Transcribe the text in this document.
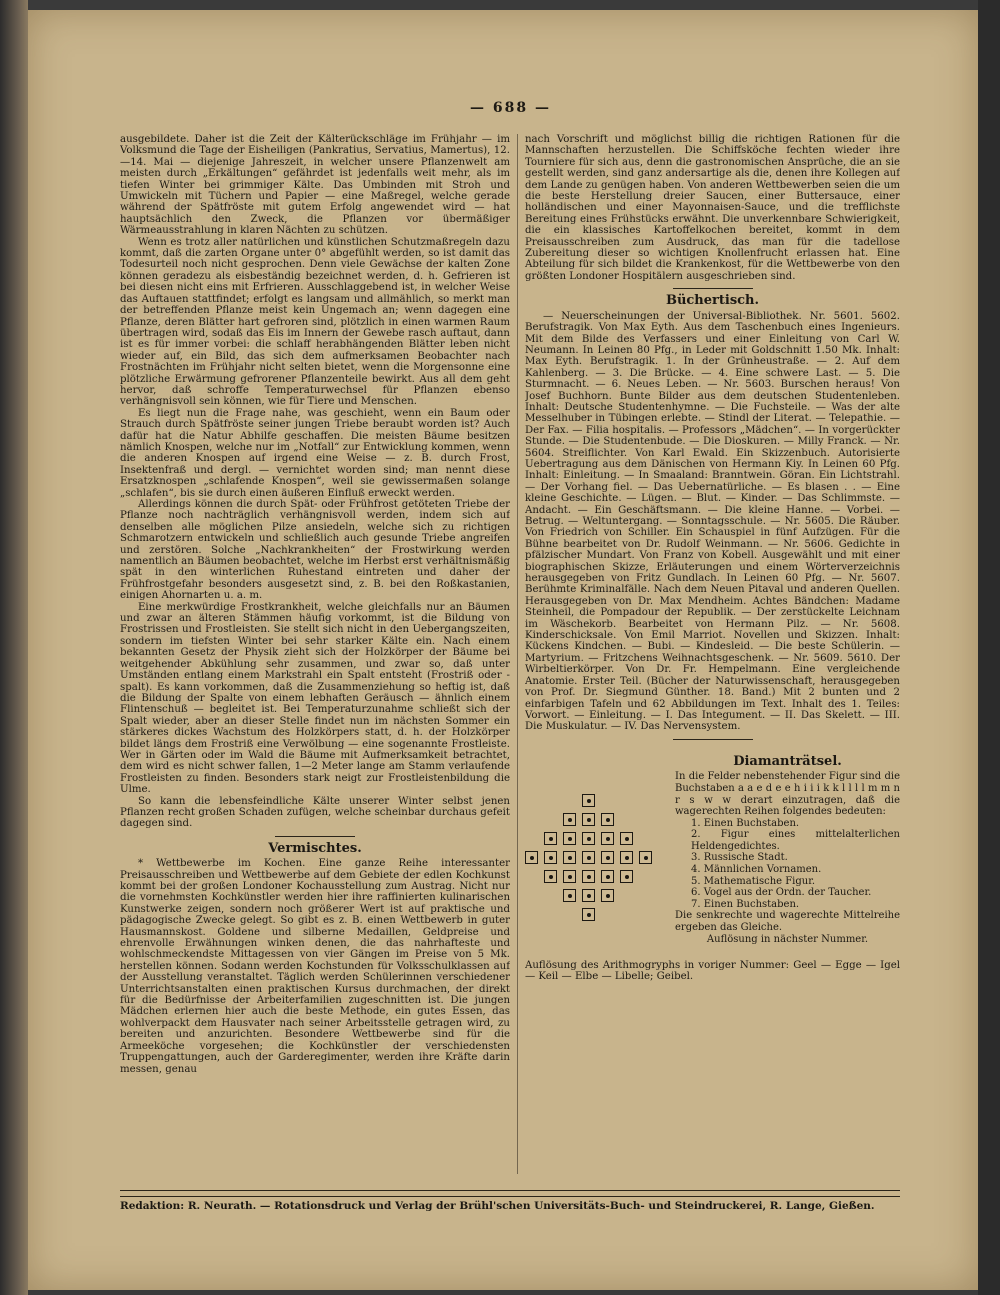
— 688 —

ausgebildete. Daher ist die Zeit der Kälterückschläge im Frühjahr — im Volksmund die Tage der Eisheiligen (Pankratius, Servatius, Mamertus), 12.—14. Mai — diejenige Jahreszeit, in welcher unsere Pflanzenwelt am meisten durch „Erkältungen“ gefährdet ist jedenfalls weit mehr, als im tiefen Winter bei grimmiger Kälte. Das Umbinden mit Stroh und Umwickeln mit Tüchern und Papier — eine Maßregel, welche gerade während der Spätfröste mit gutem Erfolg angewendet wird — hat hauptsächlich den Zweck, die Pflanzen vor übermäßiger Wärmeausstrahlung in klaren Nächten zu schützen.

Wenn es trotz aller natürlichen und künstlichen Schutzmaßregeln dazu kommt, daß die zarten Organe unter 0° abgefühlt werden, so ist damit das Todesurteil noch nicht gesprochen. Denn viele Gewächse der kalten Zone können geradezu als eisbeständig bezeichnet werden, d. h. Gefrieren ist bei diesen nicht eins mit Erfrieren. Ausschlaggebend ist, in welcher Weise das Auftauen stattfindet; erfolgt es langsam und allmählich, so merkt man der betreffenden Pflanze meist kein Ungemach an; wenn dagegen eine Pflanze, deren Blätter hart gefroren sind, plötzlich in einen warmen Raum übertragen wird, sodaß das Eis im Innern der Gewebe rasch auftaut, dann ist es für immer vorbei: die schlaff herabhängenden Blätter leben nicht wieder auf, ein Bild, das sich dem aufmerksamen Beobachter nach Frostnächten im Frühjahr nicht selten bietet, wenn die Morgensonne eine plötzliche Erwärmung gefrorener Pflanzenteile bewirkt. Aus all dem geht hervor, daß schroffe Temperaturwechsel für Pflanzen ebenso verhängnisvoll sein können, wie für Tiere und Menschen.

Es liegt nun die Frage nahe, was geschieht, wenn ein Baum oder Strauch durch Spätfröste seiner jungen Triebe beraubt worden ist? Auch dafür hat die Natur Abhilfe geschaffen. Die meisten Bäume besitzen nämlich Knospen, welche nur im „Notfall“ zur Entwicklung kommen, wenn die anderen Knospen auf irgend eine Weise — z. B. durch Frost, Insektenfraß und dergl. — vernichtet worden sind; man nennt diese Ersatzknospen „schlafende Knospen“, weil sie gewissermaßen solange „schlafen“, bis sie durch einen äußeren Einfluß erweckt werden.

Allerdings können die durch Spät- oder Frühfrost getöteten Triebe der Pflanze noch nachträglich verhängnisvoll werden, indem sich auf denselben alle möglichen Pilze ansiedeln, welche sich zu richtigen Schmarotzern entwickeln und schließlich auch gesunde Triebe angreifen und zerstören. Solche „Nachkrankheiten“ der Frostwirkung werden namentlich an Bäumen beobachtet, welche im Herbst erst verhältnismäßig spät in den winterlichen Ruhestand eintreten und daher der Frühfrostgefahr besonders ausgesetzt sind, z. B. bei den Roßkastanien, einigen Ahornarten u. a. m.

Eine merkwürdige Frostkrankheit, welche gleichfalls nur an Bäumen und zwar an älteren Stämmen häufig vorkommt, ist die Bildung von Frostrissen und Frostleisten. Sie stellt sich nicht in den Uebergangszeiten, sondern im tiefsten Winter bei sehr starker Kälte ein. Nach einem bekannten Gesetz der Physik zieht sich der Holzkörper der Bäume bei weitgehender Abkühlung sehr zusammen, und zwar so, daß unter Umständen entlang einem Markstrahl ein Spalt entsteht (Frostriß oder -spalt). Es kann vorkommen, daß die Zusammenziehung so heftig ist, daß die Bildung der Spalte von einem lebhaften Geräusch — ähnlich einem Flintenschuß — begleitet ist. Bei Temperaturzunahme schließt sich der Spalt wieder, aber an dieser Stelle findet nun im nächsten Sommer ein stärkeres dickes Wachstum des Holzkörpers statt, d. h. der Holzkörper bildet längs dem Frostriß eine Verwölbung — eine sogenannte Frostleiste. Wer in Gärten oder im Wald die Bäume mit Aufmerksamkeit betrachtet, dem wird es nicht schwer fallen, 1—2 Meter lange am Stamm verlaufende Frostleisten zu finden. Besonders stark neigt zur Frostleistenbildung die Ulme.

So kann die lebensfeindliche Kälte unserer Winter selbst jenen Pflanzen recht großen Schaden zufügen, welche scheinbar durchaus gefeit dagegen sind.

Vermischtes.

* Wettbewerbe im Kochen. Eine ganze Reihe interessanter Preisausschreiben und Wettbewerbe auf dem Gebiete der edlen Kochkunst kommt bei der großen Londoner Kochausstellung zum Austrag. Nicht nur die vornehmsten Kochkünstler werden hier ihre raffinierten kulinarischen Kunstwerke zeigen, sondern noch größerer Wert ist auf praktische und pädagogische Zwecke gelegt. So gibt es z. B. einen Wettbewerb in guter Hausmannskost. Goldene und silberne Medaillen, Geldpreise und ehrenvolle Erwähnungen winken denen, die das nahrhafteste und wohlschmeckendste Mittagessen von vier Gängen im Preise von 5 Mk. herstellen können. Sodann werden Kochstunden für Volksschulklassen auf der Ausstellung veranstaltet. Täglich werden Schülerinnen verschiedener Unterrichtsanstalten einen praktischen Kursus durchmachen, der direkt für die Bedürfnisse der Arbeiterfamilien zugeschnitten ist. Die jungen Mädchen erlernen hier auch die beste Methode, ein gutes Essen, das wohlverpackt dem Hausvater nach seiner Arbeitsstelle getragen wird, zu bereiten und anzurichten. Besondere Wettbewerbe sind für die Armeeköche vorgesehen; die Kochkünstler der verschiedensten Truppengattungen, auch der Garderegimenter, werden ihre Kräfte darin messen, genau

nach Vorschrift und möglichst billig die richtigen Rationen für die Mannschaften herzustellen. Die Schiffsköche fechten wieder ihre Tourniere für sich aus, denn die gastronomischen Ansprüche, die an sie gestellt werden, sind ganz andersartige als die, denen ihre Kollegen auf dem Lande zu genügen haben. Von anderen Wettbewerben seien die um die beste Herstellung dreier Saucen, einer Buttersauce, einer holländischen und einer Mayonnaisen-Sauce, und die trefflichste Bereitung eines Frühstücks erwähnt. Die unverkennbare Schwierigkeit, die ein klassisches Kartoffelkochen bereitet, kommt in dem Preisausschreiben zum Ausdruck, das man für die tadellose Zubereitung dieser so wichtigen Knollenfrucht erlassen hat. Eine Abteilung für sich bildet die Krankenkost, für die Wettbewerbe von den größten Londoner Hospitälern ausgeschrieben sind.

Büchertisch.

— Neuerscheinungen der Universal-Bibliothek. Nr. 5601. 5602. Berufstragik. Von Max Eyth. Aus dem Taschenbuch eines Ingenieurs. Mit dem Bilde des Verfassers und einer Einleitung von Carl W. Neumann. In Leinen 80 Pfg., in Leder mit Goldschnitt 1.50 Mk. Inhalt: Max Eyth. Berufstragik. 1. In der Grünheustraße. — 2. Auf dem Kahlenberg. — 3. Die Brücke. — 4. Eine schwere Last. — 5. Die Sturmnacht. — 6. Neues Leben. — Nr. 5603. Burschen heraus! Von Josef Buchhorn. Bunte Bilder aus dem deutschen Studentenleben. Inhalt: Deutsche Studentenhymne. — Die Fuchsteile. — Was der alte Messelhuber in Tübingen erlebte. — Stindl der Literat. — Telepathie. — Der Fax. — Filia hospitalis. — Professors „Mädchen“. — In vorgerückter Stunde. — Die Studentenbude. — Die Dioskuren. — Milly Franck. — Nr. 5604. Streiflichter. Von Karl Ewald. Ein Skizzenbuch. Autorisierte Uebertragung aus dem Dänischen von Hermann Kiy. In Leinen 60 Pfg. Inhalt: Einleitung. — In Smaaland: Branntwein. Göran. Ein Lichtstrahl. — Der Vorhang fiel. — Das Uebernatürliche. — Es blasen . . — Eine kleine Geschichte. — Lügen. — Blut. — Kinder. — Das Schlimmste. — Andacht. — Ein Geschäftsmann. — Die kleine Hanne. — Vorbei. — Betrug. — Weltuntergang. — Sonntagsschule. — Nr. 5605. Die Räuber. Von Friedrich von Schiller. Ein Schauspiel in fünf Aufzügen. Für die Bühne bearbeitet von Dr. Rudolf Weinmann. — Nr. 5606. Gedichte in pfälzischer Mundart. Von Franz von Kobell. Ausgewählt und mit einer biographischen Skizze, Erläuterungen und einem Wörterverzeichnis herausgegeben von Fritz Gundlach. In Leinen 60 Pfg. — Nr. 5607. Berühmte Kriminalfälle. Nach dem Neuen Pitaval und anderen Quellen. Herausgegeben von Dr. Max Mendheim. Achtes Bändchen: Madame Steinheil, die Pompadour der Republik. — Der zerstückelte Leichnam im Wäschekorb. Bearbeitet von Hermann Pilz. — Nr. 5608. Kinderschicksale. Von Emil Marriot. Novellen und Skizzen. Inhalt: Kückens Kindchen. — Bubi. — Kindesleid. — Die beste Schülerin. — Martyrium. — Fritzchens Weihnachtsgeschenk. — Nr. 5609. 5610. Der Wirbeltierkörper. Von Dr. Fr. Hempelmann. Eine vergleichende Anatomie. Erster Teil. (Bücher der Naturwissenschaft, herausgegeben von Prof. Dr. Siegmund Günther. 18. Band.) Mit 2 bunten und 2 einfarbigen Tafeln und 62 Abbildungen im Text. Inhalt des 1. Teiles: Vorwort. — Einleitung. — I. Das Integument. — II. Das Skelett. — III. Die Muskulatur. — IV. Das Nervensystem.

Diamanträtsel.

In die Felder nebenstehender Figur sind die Buchstaben a a e d e e h i i i k k l l l l m m n r s w w derart einzutragen, daß die wagerechten Reihen folgendes bedeuten:

1. Einen Buchstaben.

2. Figur eines mittelalterlichen Heldengedichtes.

3. Russische Stadt.

4. Männlichen Vornamen.

5. Mathematische Figur.

6. Vogel aus der Ordn. der Taucher.

7. Einen Buchstaben.

Die senkrechte und wagerechte Mittelreihe ergeben das Gleiche.

Auflösung in nächster Nummer.

Auflösung des Arithmogryphs in voriger Nummer: Geel — Egge — Igel — Keil — Elbe — Libelle; Geibel.

Redaktion: R. Neurath. — Rotationsdruck und Verlag der Brühl'schen Universitäts-Buch- und Steindruckerei, R. Lange, Gießen.
